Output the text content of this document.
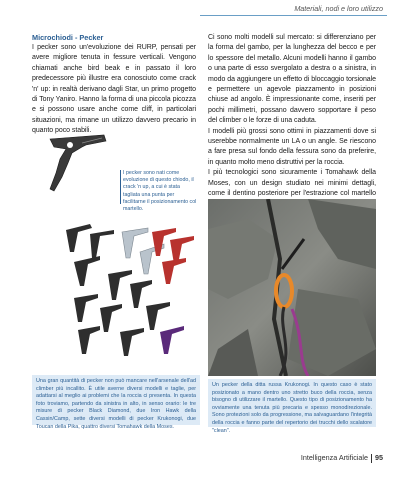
Materiali, nodi e loro utilizzo
Microchiodi - Pecker

I pecker sono un'evoluzione dei RURP, pensati per avere migliore tenuta in fessure verticali. Vengono chiamati anche bird beak e in passato il loro predecessore più illustre era conosciuto come crack 'n' up: in realtà derivano dagli Star, un primo progetto di Tony Yaniro. Hanno la forma di una piccola picozza e si possono usare anche come cliff, in particolari situazioni, ma rimane un utilizzo davvero precario in quanto poco stabili.

I pecker sono nati come evoluzione di questo chiodo, il crack 'n up, a cui è stata tagliata una punta per facilitarne il posizionamento col martello.
Una gran quantità di pecker non può mancare nell'arsenale dell'ad climber più incallito. È utile averne diversi modelli e taglie, per adattarsi al meglio ai problemi che la roccia ci presenta. In questa foto troviamo, partendo da sinistra in alto, in senso orario: le tre misure di pecker Black Diamond, due Iron Hawk della Cassin/Camp, sette diversi modelli di pecker Krukonogi, due Toucan della Pika, quattro diversi Tomahawk della Moses.

Ci sono molti modelli sul mercato: si differenziano per la forma del gambo, per la lunghezza del becco e per lo spessore del metallo. Alcuni modelli hanno il gambo o una parte di esso svergolato a destra o a sinistra, in modo da aggiungere un effetto di bloccaggio torsionale e permettere un agevole piazzamento in posizioni chiuse ad angolo. È impressionante come, inseriti per pochi millimetri, possano davvero sopportare il peso del climber o le forze di una caduta.
I modelli più grossi sono ottimi in piazzamenti dove si userebbe normalmente un LA o un angle. Se riescono a fare presa sul fondo della fessura sono da preferire, in quanto molto meno distruttivi per la roccia.
I più tecnologici sono sicuramente i Tomahawk della Moses, con un design studiato nei minimi dettagli, come il dentino posteriore per l'estrazione col martello

Un pecker della ditta russa Krukonogi. In questo caso è stato posizionato a mano dentro uno stretto buco della roccia, senza bisogno di utilizzare il martello. Questo tipo di posizionamento ha ovviamente una tenuta più precaria e spesso monodirezionale. Sono protezioni solo da progressione, ma salvaguardano l'integrità della roccia e fanno parte del repertorio dei trucchi dello scalatore "clean".
Intelligenza Artificiale 95
